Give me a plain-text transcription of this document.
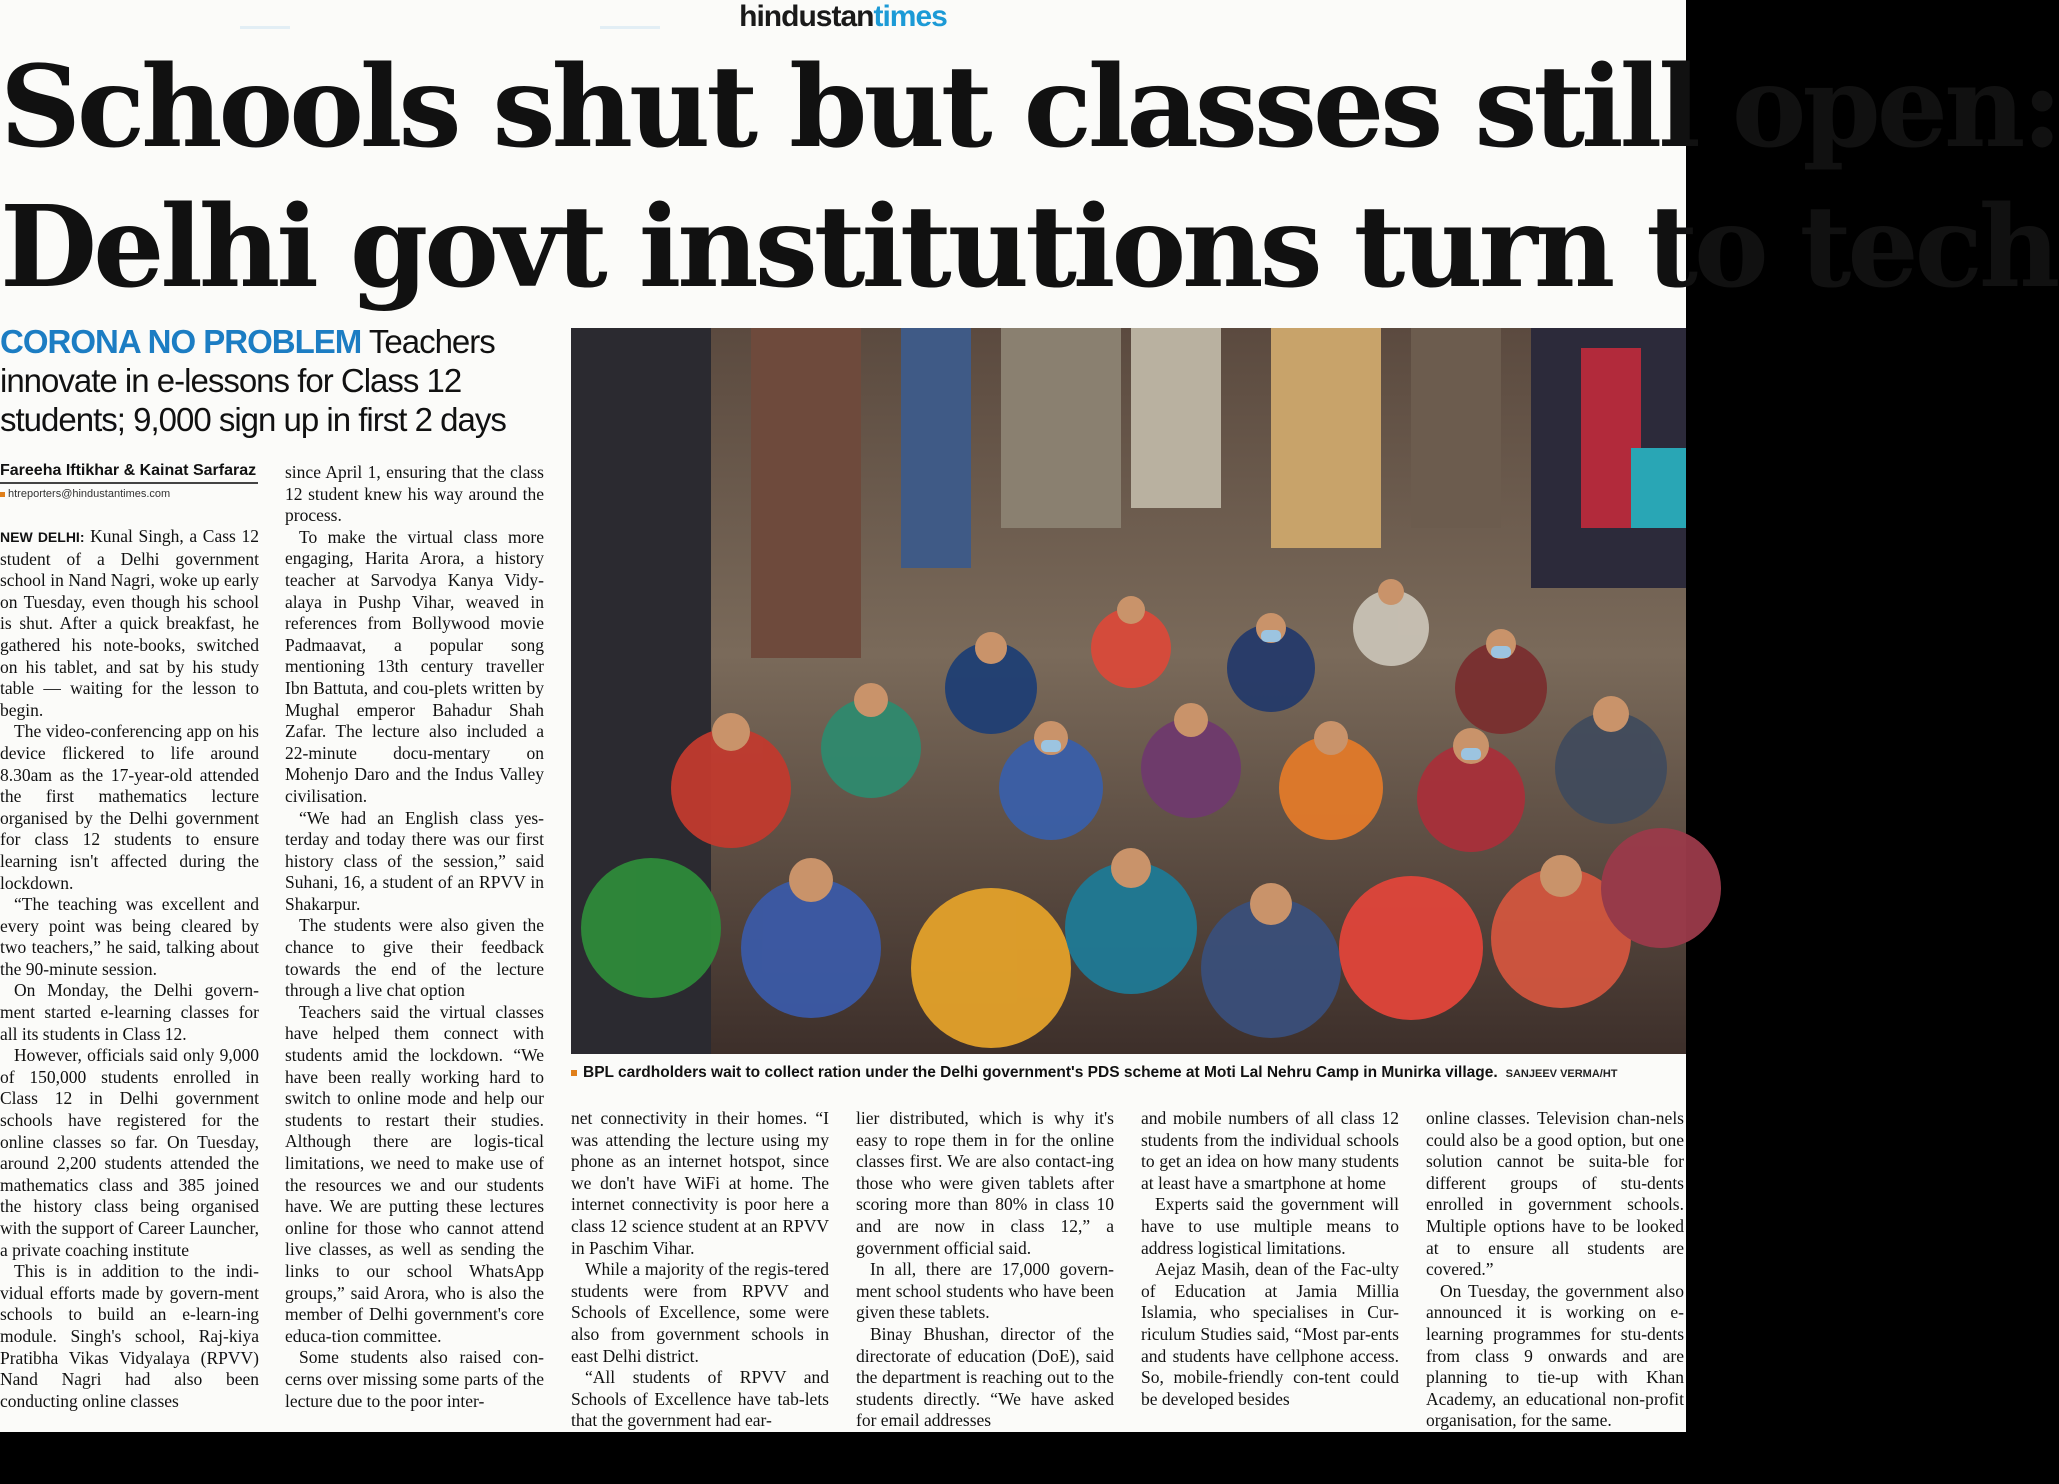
hindustantimes
Schools shut but classes still open:
Delhi govt institutions turn to tech
CORONA NO PROBLEM Teachers innovate in e-lessons for Class 12 students; 9,000 sign up in first 2 days
Fareeha Iftikhar & Kainat Sarfaraz
htreporters@hindustantimes.com

NEW DELHI: Kunal Singh, a Cass 12 student of a Delhi government school in Nand Nagri, woke up early on Tuesday, even though his school is shut. After a quick breakfast, he gathered his note-books, switched on his tablet, and sat by his study table — waiting for the lesson to begin.

The video-conferencing app on his device flickered to life around 8.30am as the 17-year-old attended the first mathematics lecture organised by the Delhi government for class 12 students to ensure learning isn't affected during the lockdown.

“The teaching was excellent and every point was being cleared by two teachers,” he said, talking about the 90-minute session.

On Monday, the Delhi govern-ment started e-learning classes for all its students in Class 12.

However, officials said only 9,000 of 150,000 students enrolled in Class 12 in Delhi government schools have registered for the online classes so far. On Tuesday, around 2,200 students attended the mathematics class and 385 joined the history class being organised with the support of Career Launcher, a private coaching institute

This is in addition to the indi-vidual efforts made by govern-ment schools to build an e-learn-ing module. Singh's school, Raj-kiya Pratibha Vikas Vidyalaya (RPVV) Nand Nagri had also been conducting online classes

since April 1, ensuring that the class 12 student knew his way around the process.

To make the virtual class more engaging, Harita Arora, a history teacher at Sarvodya Kanya Vidy-alaya in Pushp Vihar, weaved in references from Bollywood movie Padmaavat, a popular song mentioning 13th century traveller Ibn Battuta, and cou-plets written by Mughal emperor Bahadur Shah Zafar. The lecture also included a 22-minute docu-mentary on Mohenjo Daro and the Indus Valley civilisation.

“We had an English class yes-terday and today there was our first history class of the session,” said Suhani, 16, a student of an RPVV in Shakarpur.

The students were also given the chance to give their feedback towards the end of the lecture through a live chat option

Teachers said the virtual classes have helped them connect with students amid the lockdown. “We have been really working hard to switch to online mode and help our students to restart their studies. Although there are logis-tical limitations, we need to make use of the resources we and our students have. We are putting these lectures online for those who cannot attend live classes, as well as sending the links to our school WhatsApp groups,” said Arora, who is also the member of Delhi government's core educa-tion committee.

Some students also raised con-cerns over missing some parts of the lecture due to the poor inter-

BPL cardholders wait to collect ration under the Delhi government's PDS scheme at Moti Lal Nehru Camp in Munirka village. SANJEEV VERMA/HT

net connectivity in their homes. “I was attending the lecture using my phone as an internet hotspot, since we don't have WiFi at home. The internet connectivity is poor here a class 12 science student at an RPVV in Paschim Vihar.

While a majority of the regis-tered students were from RPVV and Schools of Excellence, some were also from government schools in east Delhi district.

“All students of RPVV and Schools of Excellence have tab-lets that the government had ear-

lier distributed, which is why it's easy to rope them in for the online classes first. We are also contact-ing those who were given tablets after scoring more than 80% in class 10 and are now in class 12,” a government official said.

In all, there are 17,000 govern-ment school students who have been given these tablets.

Binay Bhushan, director of the directorate of education (DoE), said the department is reaching out to the students directly. “We have asked for email addresses

and mobile numbers of all class 12 students from the individual schools to get an idea on how many students at least have a smartphone at home

Experts said the government will have to use multiple means to address logistical limitations.

Aejaz Masih, dean of the Fac-ulty of Education at Jamia Millia Islamia, who specialises in Cur-riculum Studies said, “Most par-ents and students have cellphone access. So, mobile-friendly con-tent could be developed besides

online classes. Television chan-nels could also be a good option, but one solution cannot be suita-ble for different groups of stu-dents enrolled in government schools. Multiple options have to be looked at to ensure all students are covered.”

On Tuesday, the government also announced it is working on e-learning programmes for stu-dents from class 9 onwards and are planning to tie-up with Khan Academy, an educational non-profit organisation, for the same.
